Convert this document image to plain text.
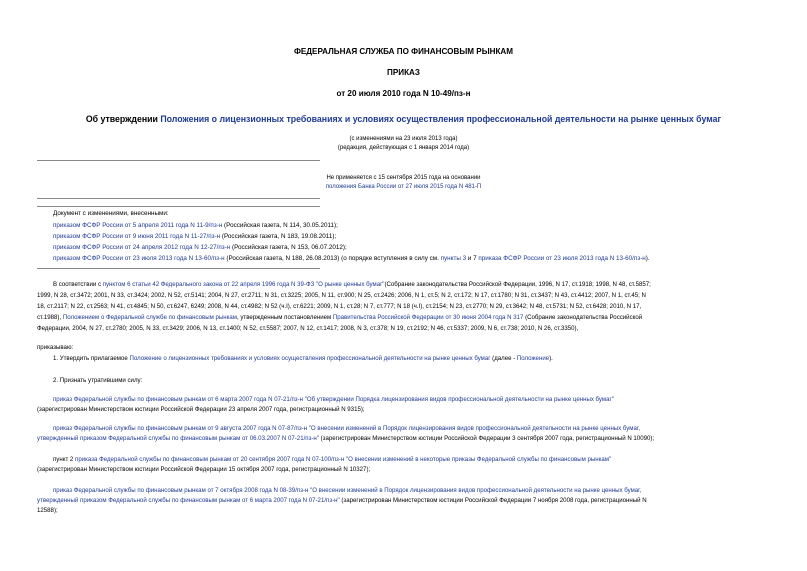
ФЕДЕРАЛЬНАЯ СЛУЖБА ПО ФИНАНСОВЫМ РЫНКАМ
ПРИКАЗ
от 20 июля 2010 года N 10-49/пз-н
Об утверждении Положения о лицензионных требованиях и условиях осуществления профессиональной деятельности на рынке ценных бумаг
(с изменениями на 23 июля 2013 года)
(редакция, действующая с 1 января 2014 года)
Не применяется с 15 сентября 2015 года на основании
положения Банка России от 27 июля 2015 года N 481-П
Документ с изменениями, внесенными:
приказом ФСФР России от 5 апреля 2011 года N 11-9/пз-н (Российская газета, N 114, 30.05.2011);
приказом ФСФР России от 9 июня 2011 года N 11-27/пз-н (Российская газета, N 183, 19.08.2011);
приказом ФСФР России от 24 апреля 2012 года N 12-27/пз-н (Российская газета, N 153, 06.07.2012);
приказом ФСФР России от 23 июля 2013 года N 13-60/пз-н (Российская газета, N 188, 26.08.2013) (о порядке вступления в силу см. пункты 3 и 7 приказа ФСФР России от 23 июля 2013 года N 13-60/пз-н).
В соответствии с пунктом 6 статьи 42 Федерального закона от 22 апреля 1996 года N 39-ФЗ "О рынке ценных бумаг"(Собрание законодательства Российской Федерации, 1996, N 17, ст.1918; 1998, N 48, ст.5857;
1999, N 28, ст.3472; 2001, N 33, ст.3424; 2002, N 52, ст.5141; 2004, N 27, ст.2711; N 31, ст.3225; 2005, N 11, ст.900; N 25, ст.2426; 2006, N 1, ст.5; N 2, ст.172; N 17, ст.1780; N 31, ст.3437; N 43, ст.4412; 2007, N 1, ст.45; N
18, ст.2117; N 22, ст.2563; N 41, ст.4845; N 50, ст.6247, 6249; 2008, N 44, ст.4982; N 52 (ч.I), ст.6221; 2009, N 1, ст.28; N 7, ст.777; N 18 (ч.I), ст.2154; N 23, ст.2770; N 29, ст.3642; N 48, ст.5731; N 52, ст.6428; 2010, N 17,
ст.1988), Положением о Федеральной службе по финансовым рынкам, утвержденным постановлением Правительства Российской Федерации от 30 июня 2004 года N 317 (Собрание законодательства Российской
Федерации, 2004, N 27, ст.2780; 2005, N 33, ст.3429; 2006, N 13, ст.1400; N 52, ст.5587; 2007, N 12, ст.1417; 2008, N 3, ст.378; N 19, ст.2192; N 46, ст.5337; 2009, N 6, ст.738; 2010, N 26, ст.3350),
приказываю:
1. Утвердить прилагаемое Положение о лицензионных требованиях и условиях осуществления профессиональной деятельности на рынке ценных бумаг (далее - Положение).
2. Признать утратившими силу:
приказ Федеральной службы по финансовым рынкам от 6 марта 2007 года N 07-21/пз-н "Об утверждении Порядка лицензирования видов профессиональной деятельности на рынке ценных бумаг"
(зарегистрирован Министерством юстиции Российской Федерации 23 апреля 2007 года, регистрационный N 9315);
приказ Федеральной службы по финансовым рынкам от 9 августа 2007 года N 07-87/пз-н "О внесении изменений в Порядок лицензирования видов профессиональной деятельности на рынке ценных бумаг,
утвержденный приказом Федеральной службы по финансовым рынкам от 06.03.2007 N 07-21/пз-н" (зарегистрирован Министерством юстиции Российской Федерации 3 сентября 2007 года, регистрационный N 10090);
пункт 2 приказа Федеральной службы по финансовым рынкам от 20 сентября 2007 года N 07-100/пз-н "О внесении изменений в некоторые приказы Федеральной службы по финансовым рынкам"
(зарегистрирован Министерством юстиции Российской Федерации 15 октября 2007 года, регистрационный N 10327);
приказ Федеральной службы по финансовым рынкам от 7 октября 2008 года N 08-39/пз-н "О внесении изменений в Порядок лицензирования видов профессиональной деятельности на рынке ценных бумаг,
утвержденный приказом Федеральной службы по финансовым рынкам от 6 марта 2007 года N 07-21/пз-н" (зарегистрирован Министерством юстиции Российской Федерации 7 ноября 2008 года, регистрационный N
12588);
